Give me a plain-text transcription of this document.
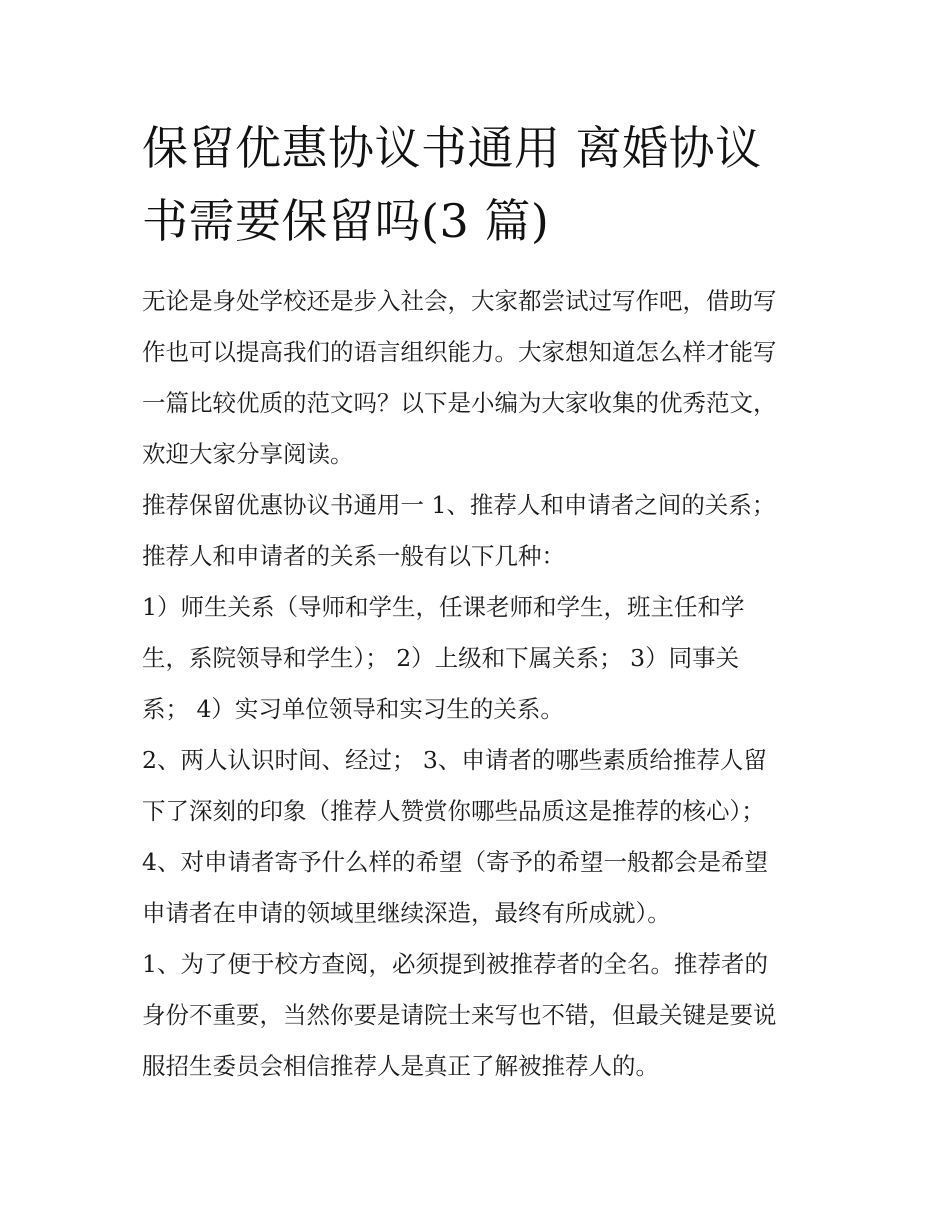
保留优惠协议书通用 离婚协议
书需要保留吗(3 篇)
无论是身处学校还是步入社会，大家都尝试过写作吧，借助写
作也可以提高我们的语言组织能力。大家想知道怎么样才能写
一篇比较优质的范文吗？以下是小编为大家收集的优秀范文，
欢迎大家分享阅读。
推荐保留优惠协议书通用一 1、推荐人和申请者之间的关系；
推荐人和申请者的关系一般有以下几种：
1）师生关系（导师和学生，任课老师和学生，班主任和学
生，系院领导和学生）； 2）上级和下属关系； 3）同事关
系； 4）实习单位领导和实习生的关系。
2、两人认识时间、经过； 3、申请者的哪些素质给推荐人留
下了深刻的印象（推荐人赞赏你哪些品质这是推荐的核心）；
4、对申请者寄予什么样的希望（寄予的希望一般都会是希望
申请者在申请的领域里继续深造，最终有所成就）。
1、为了便于校方查阅，必须提到被推荐者的全名。推荐者的
身份不重要，当然你要是请院士来写也不错，但最关键是要说
服招生委员会相信推荐人是真正了解被推荐人的。
